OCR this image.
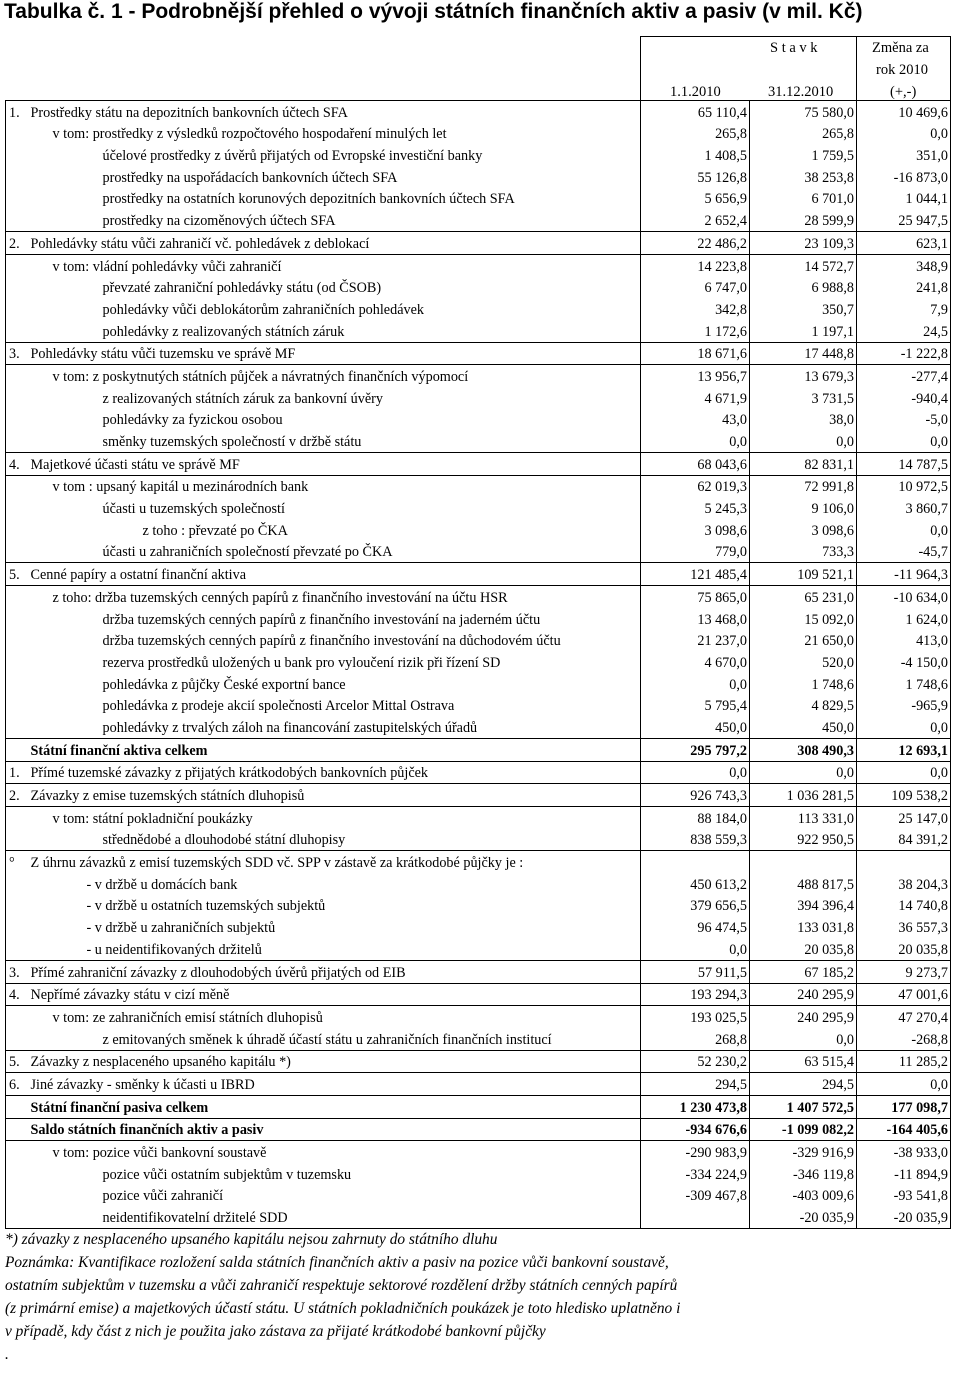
Tabulka č. 1 - Podrobnější přehled o vývoji státních finančních aktiv a pasiv (v mil. Kč)
S t a v k	Změna za
rok 2010
1.1.2010	31.12.2010	(+,-)
1.	Prostředky státu na depozitních bankovních účtech SFA	65 110,4	75 580,0	10 469,6
	v tom: prostředky z výsledků rozpočtového hospodaření minulých let	265,8	265,8	0,0
	účelové prostředky z úvěrů přijatých od Evropské investiční banky	1 408,5	1 759,5	351,0
	prostředky na uspořádacích bankovních účtech SFA	55 126,8	38 253,8	-16 873,0
	prostředky na ostatních korunových depozitních bankovních účtech SFA	5 656,9	6 701,0	1 044,1
	prostředky na cizoměnových účtech SFA	2 652,4	28 599,9	25 947,5
2.	Pohledávky státu vůči zahraničí vč. pohledávek z deblokací	22 486,2	23 109,3	623,1
	v tom: vládní pohledávky vůči zahraničí	14 223,8	14 572,7	348,9
	převzaté zahraniční pohledávky státu (od ČSOB)	6 747,0	6 988,8	241,8
	pohledávky vůči deblokátorům zahraničních pohledávek	342,8	350,7	7,9
	pohledávky z realizovaných státních záruk	1 172,6	1 197,1	24,5
3.	Pohledávky státu vůči tuzemsku ve správě MF	18 671,6	17 448,8	-1 222,8
	v tom: z poskytnutých státních půjček a návratných finančních výpomocí	13 956,7	13 679,3	-277,4
	z realizovaných státních záruk za bankovní úvěry	4 671,9	3 731,5	-940,4
	pohledávky za fyzickou osobou	43,0	38,0	-5,0
	směnky tuzemských společností v držbě státu	0,0	0,0	0,0
4.	Majetkové účasti státu ve správě MF	68 043,6	82 831,1	14 787,5
	v tom : upsaný kapitál u mezinárodních bank	62 019,3	72 991,8	10 972,5
	účasti u tuzemských společností	5 245,3	9 106,0	3 860,7
	z toho : převzaté po ČKA	3 098,6	3 098,6	0,0
	účasti u zahraničních společností převzaté po ČKA	779,0	733,3	-45,7
5.	Cenné papíry a ostatní finanční aktiva	121 485,4	109 521,1	-11 964,3
	z toho: držba tuzemských cenných papírů z finančního investování na účtu HSR	75 865,0	65 231,0	-10 634,0
	držba tuzemských cenných papírů z finančního investování na jaderném účtu	13 468,0	15 092,0	1 624,0
	držba tuzemských cenných papírů z finančního investování na důchodovém účtu	21 237,0	21 650,0	413,0
	rezerva prostředků uložených u bank pro vyloučení rizik při řízení SD	4 670,0	520,0	-4 150,0
	pohledávka z půjčky České exportní bance	0,0	1 748,6	1 748,6
	pohledávka z prodeje akcií společnosti Arcelor Mittal Ostrava	5 795,4	4 829,5	-965,9
	pohledávky z trvalých záloh na financování zastupitelských úřadů	450,0	450,0	0,0
	Státní finanční aktiva celkem	295 797,2	308 490,3	12 693,1
1.	Přímé tuzemské závazky z přijatých krátkodobých bankovních půjček	0,0	0,0	0,0
2.	Závazky z emise tuzemských státních dluhopisů	926 743,3	1 036 281,5	109 538,2
	v tom: státní pokladniční poukázky	88 184,0	113 331,0	25 147,0
	střednědobé a dlouhodobé státní dluhopisy	838 559,3	922 950,5	84 391,2
°	Z úhrnu závazků z emisí tuzemských SDD vč. SPP v zástavě za krátkodobé půjčky je :			
	- v držbě u domácích bank	450 613,2	488 817,5	38 204,3
	- v držbě u ostatních tuzemských subjektů	379 656,5	394 396,4	14 740,8
	- v držbě u zahraničních subjektů	96 474,5	133 031,8	36 557,3
	- u neidentifikovaných držitelů	0,0	20 035,8	20 035,8
3.	Přímé zahraniční závazky z dlouhodobých úvěrů přijatých od EIB	57 911,5	67 185,2	9 273,7
4.	Nepřímé závazky státu v cizí měně	193 294,3	240 295,9	47 001,6
	v tom: ze zahraničních emisí státních dluhopisů	193 025,5	240 295,9	47 270,4
	z emitovaných směnek k úhradě účastí státu u zahraničních finančních institucí	268,8	0,0	-268,8
5.	Závazky z nesplaceného upsaného kapitálu *)	52 230,2	63 515,4	11 285,2
6.	Jiné závazky - směnky k účasti u IBRD	294,5	294,5	0,0
	Státní finanční pasiva celkem	1 230 473,8	1 407 572,5	177 098,7
	Saldo státních finančních aktiv a pasiv	-934 676,6	-1 099 082,2	-164 405,6
	v tom: pozice vůči bankovní soustavě	-290 983,9	-329 916,9	-38 933,0
	pozice vůči ostatním subjektům v tuzemsku	-334 224,9	-346 119,8	-11 894,9
	pozice vůči zahraničí	-309 467,8	-403 009,6	-93 541,8
	neidentifikovatelní držitelé SDD		-20 035,9	-20 035,9
*) závazky z nesplaceného upsaného kapitálu nejsou zahrnuty do státního dluhu
Poznámka: Kvantifikace rozložení salda státních finančních aktiv a pasiv na pozice vůči bankovní soustavě,
ostatním subjektům v tuzemsku a vůči zahraničí respektuje sektorové rozdělení držby státních cenných papírů
(z primární emise) a majetkových účastí státu. U státních pokladničních poukázek je toto hledisko uplatněno i
v případě, kdy část z nich je použita jako zástava za přijaté krátkodobé bankovní půjčky
.
